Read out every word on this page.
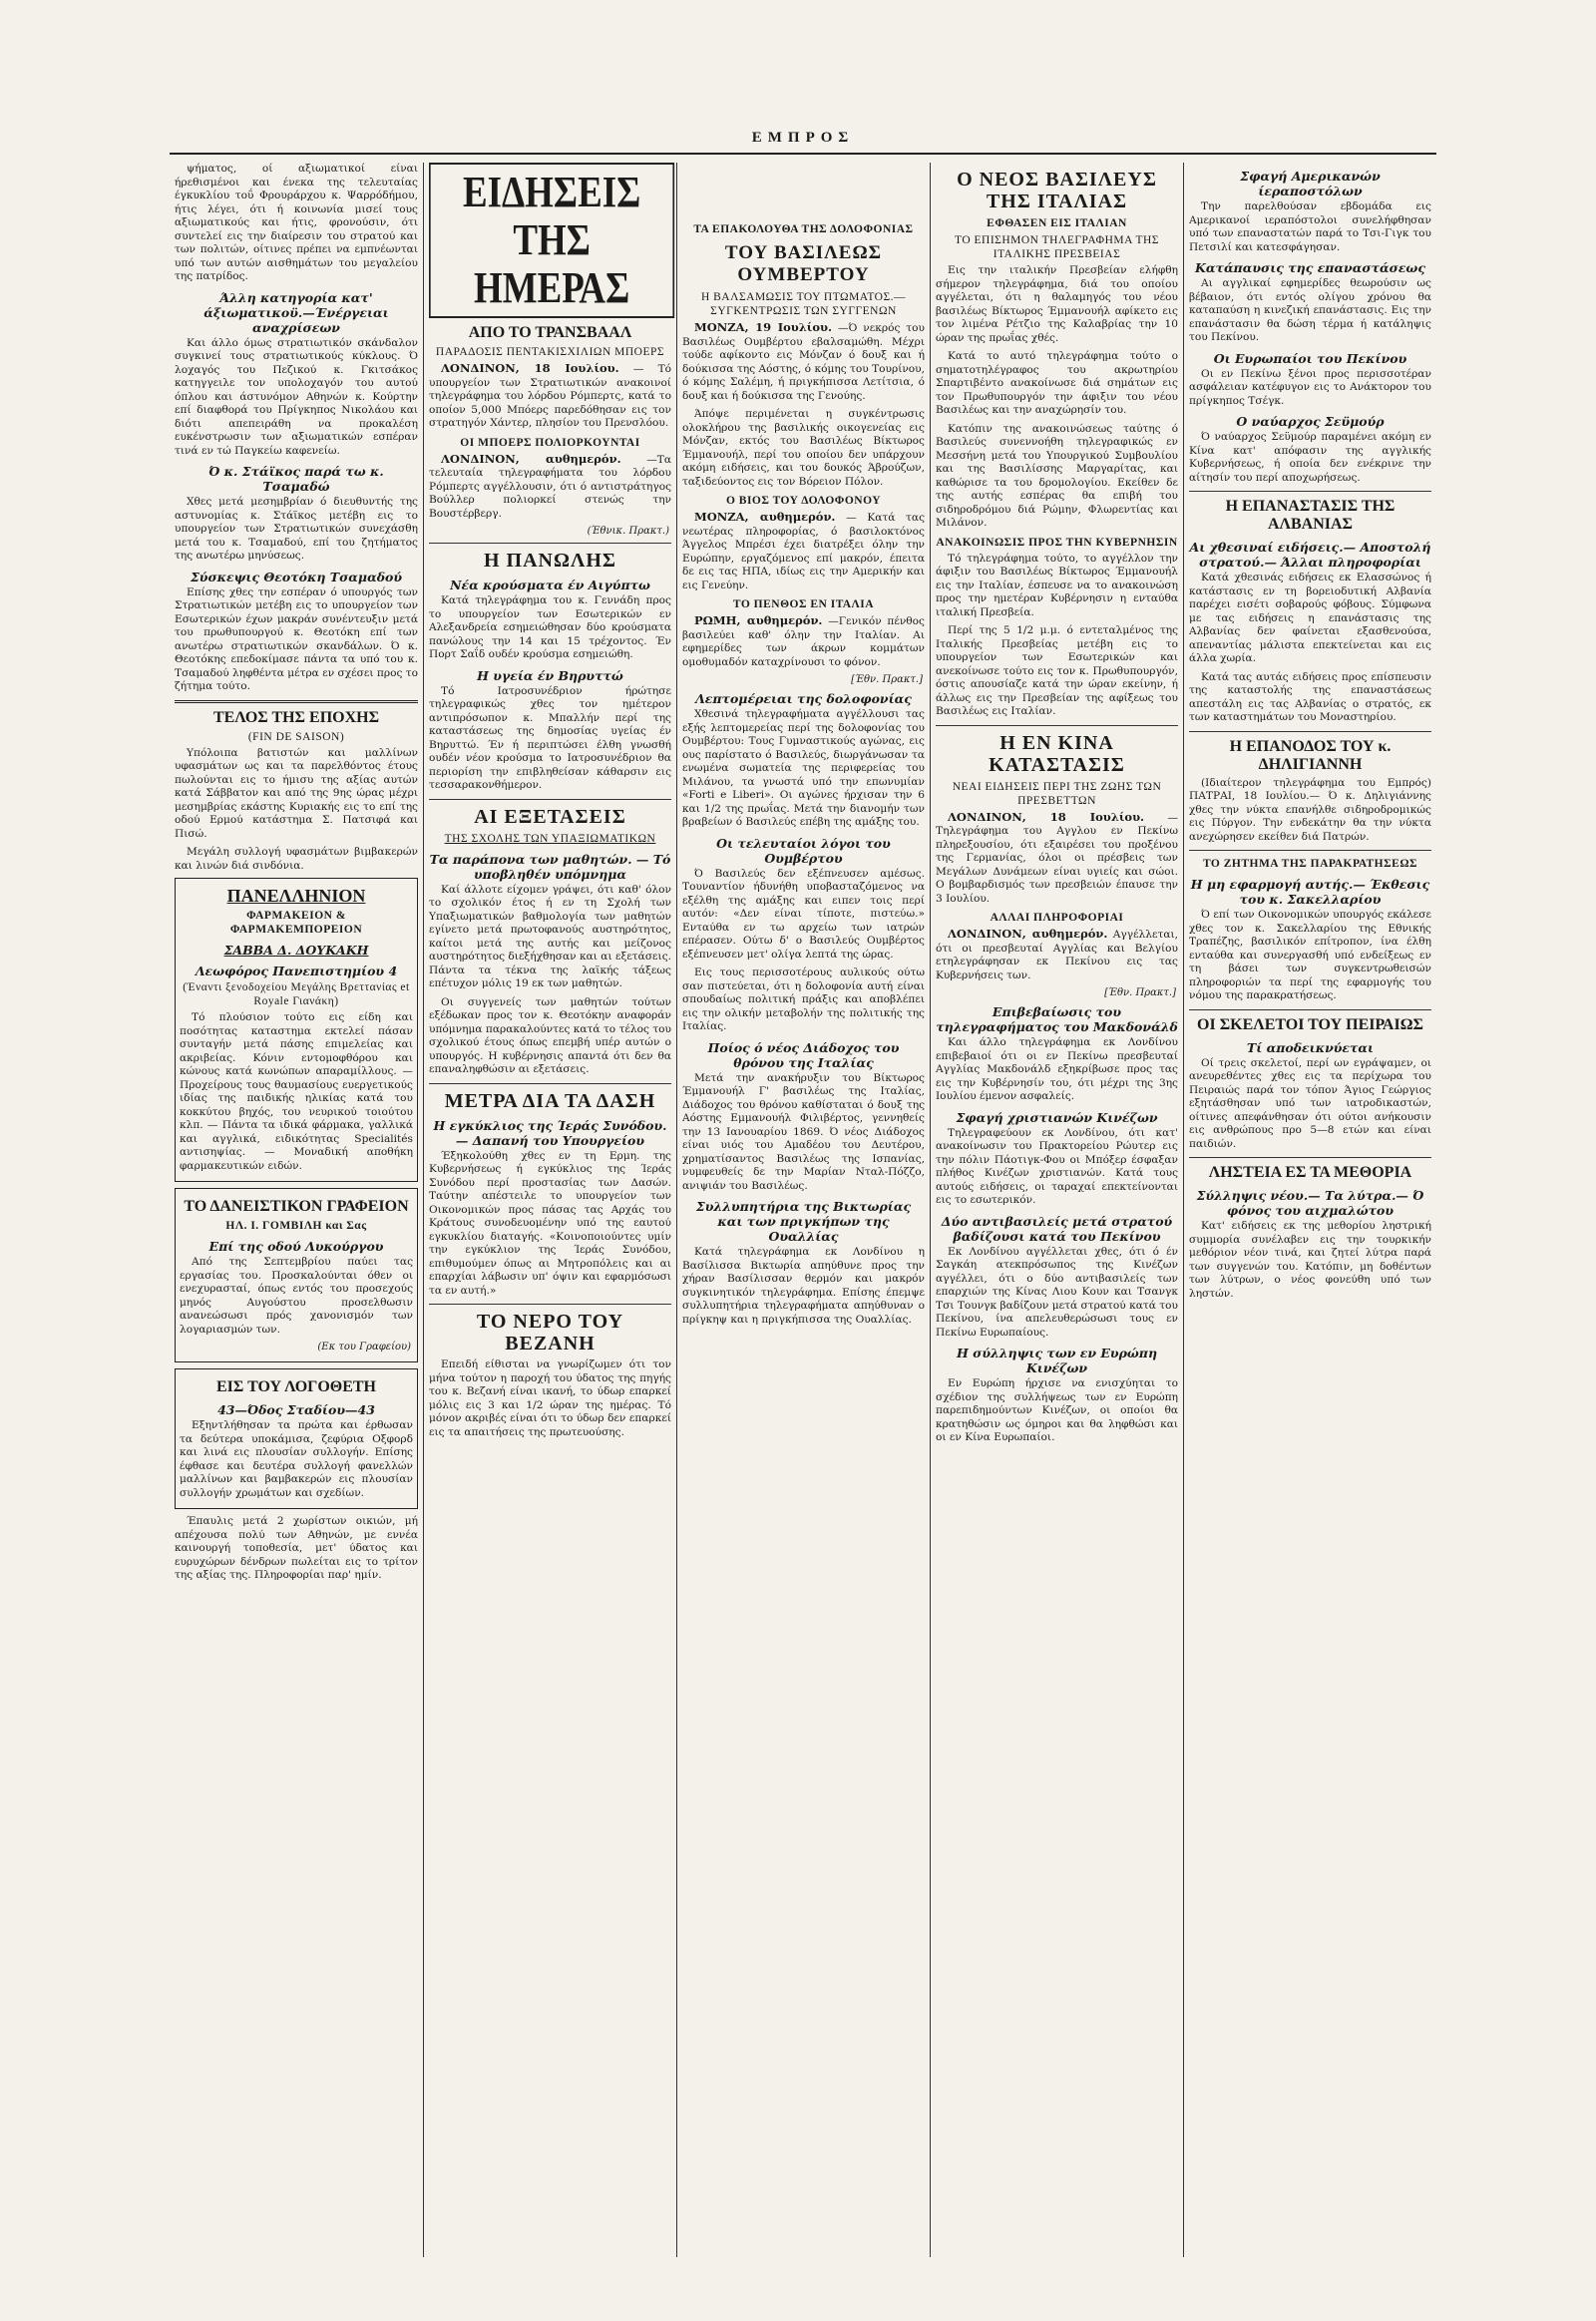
ΕΜΠΡΟΣ

ψήματος, οί αξιωματικοί είναι ήρεθισμένοι και ένεκα της τελευταίας έγκυκλίου τοΰ Φρουράρχου κ. Ψαρρόδήμου, ήτις λέγει, ότι ή κοινωνία μισεί τους αξιωματικούς και ήτις, φρονούσιν, ότι συντελεί εις την διαίρεσιν του στρατού και των πολιτών, οίτινες πρέπει να εμπνέωνται υπό των αυτών αισθημάτων του μεγαλείου της πατρίδος.

Άλλη κατηγορία κατ' άξιωματικοϋ.—Ένέργειαι αναχρίσεων

Και άλλο όμως στρατιωτικόν σκάνδαλον συγκινεί τους στρατιωτικούς κύκλους. Ό λοχαγός του Πεζικού κ. Γκιτσάκος κατηγγειλε τον υπολοχαγόν του αυτού όπλου και άστυνόμον Αθηνών κ. Κούρτην επί διαφθορά του Πρίγκηπος Νικολάου και διότι απεπειράθη να προκαλέση ευκένστρωσιν των αξιωματικών εσπέραν τινά εν τώ Παγκείω καφενείω.

Ό κ. Στάϊκος παρά τω κ. Τσαμαδώ

Χθες μετά μεσημβρίαν ό διευθυντής της αστυνομίας κ. Στάϊκος μετέβη εις το υπουργείον των Στρατιωτικών συνεχάσθη μετά του κ. Τσαμαδού, επί του ζητήματος της ανωτέρω μηνύσεως.

Σύσκεψις Θεοτόκη Τσαμαδού

Επίσης χθες την εσπέραν ό υπουργός των Στρατιωτικών μετέβη εις το υπουργείον των Εσωτερικών έχων μακράν συνέντευξιν μετά του πρωθυπουργού κ. Θεοτόκη επί των ανωτέρω στρατιωτικών σκανδάλων. Ό κ. Θεοτόκης επεδοκίμασε πάντα τα υπό του κ. Τσαμαδού ληφθέντα μέτρα εν σχέσει προς το ζήτημα τούτο.

ΤΕΛΟΣ ΤΗΣ ΕΠΟΧΗΣ
(FIN DE SAISON)

Υπόλοιπα βατιστών και μαλλίνων υφασμάτων ως και τα παρελθόντος έτους πωλούνται εις το ήμισυ της αξίας αυτών κατά Σάββατον και από της 9ης ώρας μέχρι μεσημβρίας εκάστης Κυριακής εις το επί της οδού Ερμού κατάστημα Σ. Πατσιφά και Πισώ.

Μεγάλη συλλογή υφασμάτων βιμβακερών και λινών διά σινδόνια.

ΠΑΝΕΛΛΗΝΙΟΝ
ΦΑΡΜΑΚΕΙΟΝ & ΦΑΡΜΑΚΕΜΠΟΡΕΙΟΝ
ΣΑΒΒΑ Δ. ΔΟΥΚΑΚΗ
Λεωφόρος Πανεπιστημίου 4
(Έναντι ξενοδοχείου Μεγάλης Βρεττανίας et Royale Γιανάκη)

Τό πλούσιον τούτο εις είδη και ποσότητας καταστημα εκτελεί πάσαν συνταγήν μετά πάσης επιμελείας και ακριβείας. Κόνιν εντομοφθόρου και κώνους κατά κωνώπων απαραμίλλους. — Προχείρους τους θαυμασίους ευεργετικούς ιδίας της παιδικής ηλικίας κατά του κοκκύτου βηχός, του νευρικού τοιούτου κλπ. — Πάντα τα ιδικά φάρμακα, γαλλικά και αγγλικά, ειδικότητας Specialités αντισηψίας. — Μοναδική αποθήκη φαρμακευτικών ειδών.

ΤΟ ΔΑΝΕΙΣΤΙΚΟΝ ΓΡΑΦΕΙΟΝ
ΗΛ. Ι. ΓΟΜΒΙΛΗ και Σας
Επί της οδού Λυκούργου

Από της Σεπτεμβρίου παύει τας εργασίας του. Προσκαλούνται όθεν οι ενεχυρασταί, όπως εντός του προσεχούς μηνός Αυγούστου προσελθωσιν ανανεώσωσι πρός χανονισμόν των λογαριασμών των.

(Εκ του Γραφείου)
ΕΙΣ ΤΟΥ ΛΟΓΟΘΕΤΗ
43—Όδος Σταδίου—43

Εξηντλήθησαν τα πρώτα και έρθωσαν τα δεύτερα υποκάμισα, ζεφύρια Οξφορδ και λινά εις πλουσίαν συλλογήν. Επίσης έφθασε και δευτέρα συλλογή φανελλών μαλλίνων και βαμβακερών εις πλουσίαν συλλογήν χρωμάτων και σχεδίων.

Έπαυλις μετά 2 χωρίστων οικιών, μή απέχουσα πολύ των Αθηνών, με εννέα καινουργή τοποθεσία, μετ' ύδατος και ευρυχώρων δένδρων πωλείται εις το τρίτον της αξίας της. Πληροφορίαι παρ' ημίν.

ΕΙΔΗΣΕΙΣ ΤΗΣ ΗΜΕΡΑΣ
ΑΠΟ ΤΟ ΤΡΑΝΣΒΑΑΛ
ΠΑΡΑΔΟΣΙΣ ΠΕΝΤΑΚΙΣΧΙΛΙΩΝ ΜΠΟΕΡΣ

ΛΟΝΔΙΝΟΝ, 18 Ιουλίου. — Τό υπουργείον των Στρατιωτικών ανακοινοί τηλεγράφημα του λόρδου Ρόμπερτς, κατά το οποίον 5,000 Μπόερς παρεδόθησαν εις τον στρατηγόν Χάντερ, πλησίον του Πρενσλόου.

ΟΙ ΜΠΟΕΡΣ ΠΟΛΙΟΡΚΟΥΝΤΑΙ

ΛΟΝΔΙΝΟΝ, αυθημερόν. —Τα τελευταία τηλεγραφήματα του λόρδου Ρόμπερτς αγγέλλουσιν, ότι ό αντιστράτηγος Βούλλερ πολιορκεί στενώς την Βουστέρβεργ.

(Έθνικ. Πρακτ.)
Η ΠΑΝΩΛΗΣ
Νέα κρούσματα έν Αιγύπτω

Κατά τηλεγράφημα του κ. Γεννάδη προς το υπουργείον των Εσωτερικών εν Αλεξανδρεία εσημειώθησαν δύο κρούσματα πανώλους την 14 και 15 τρέχοντος. Έν Πορτ Σαΐδ ουδέν κρούσμα εσημειώθη.

Η υγεία έν Βηρυττώ

Τό Ιατροσυνέδριον ήρώτησε τηλεγραφικώς χθες τον ημέτερον αντιπρόσωπον κ. Μπαλλήν περί της καταστάσεως της δημοσίας υγείας έν Βηρυττώ. Έν ή περιπτώσει έλθη γνωσθή ουδέν νέον κρούσμα το Ιατροσυνέδριον θα περιορίση την επιβληθείσαν κάθαρσιν εις τεσσαρακονθήμερον.

ΑΙ ΕΞΕΤΑΣΕΙΣ
ΤΗΣ ΣΧΟΛΗΣ ΤΩΝ ΥΠΑΞΙΩΜΑΤΙΚΩΝ
Τα παράπονα των μαθητών. — Τό υποβληθέν υπόμνημα

Καί άλλοτε είχομεν γράψει, ότι καθ' όλον το σχολικόν έτος ή εν τη Σχολή των Υπαξιωματικών βαθμολογία των μαθητών εγίνετο μετά πρωτοφανούς αυστηρότητος, καίτοι μετά της αυτής και μείζονος αυστηρότητος διεξήχθησαν και αι εξετάσεις. Πάντα τα τέκνα της λαϊκής τάξεως επέτυχον μόλις 19 εκ των μαθητών.

Οι συγγενείς των μαθητών τούτων εξέδωκαν προς τον κ. Θεοτόκην αναφοράν υπόμνημα παρακαλούντες κατά το τέλος του σχολικού έτους όπως επεμβή υπέρ αυτών ο υπουργός. Η κυβέρνησις απαντά ότι δεν θα επαναληφθώσιν αι εξετάσεις.

ΜΕΤΡΑ ΔΙΑ ΤΑ ΔΑΣΗ
Η εγκύκλιος της Ίεράς Συνόδου. — Δαπανή του Υπουργείου

Έξηκολούθη χθες εν τη Ερμη. της Κυβερνήσεως ή εγκύκλιος της Ίεράς Συνόδου περί προστασίας των Δασών. Ταύτην απέστειλε το υπουργείον των Οικονομικών προς πάσας τας Αρχάς του Κράτους συνοδευομένην υπό της εαυτού εγκυκλίου διαταγής. «Κοινοποιούντες υμίν την εγκύκλιον της Ίεράς Συνόδου, επιθυμούμεν όπως αι Μητροπόλεις και αι επαρχίαι λάβωσιν υπ' όψιν και εφαρμόσωσι τα εν αυτή.»

ΤΟ ΝΕΡΟ ΤΟΥ ΒΕΖΑΝΗ

Επειδή είθισται να γνωρίζωμεν ότι τον μήνα τούτον η παροχή του ύδατος της πηγής του κ. Βεζανή είναι ικανή, το ύδωρ επαρκεί μόλις εις 3 και 1/2 ώραν της ημέρας. Τό μόνον ακριβές είναι ότι το ύδωρ δεν επαρκεί εις τα απαιτήσεις της πρωτευούσης.

ΤΑ ΕΠΑΚΟΛΟΥΘΑ ΤΗΣ ΔΟΛΟΦΟΝΙΑΣ
ΤΟΥ ΒΑΣΙΛΕΩΣ ΟΥΜΒΕΡΤΟΥ
Η ΒΑΛΣΑΜΩΣΙΣ ΤΟΥ ΠΤΩΜΑΤΟΣ.— ΣΥΓΚΕΝΤΡΩΣΙΣ ΤΩΝ ΣΥΓΓΕΝΩΝ

ΜΟΝΖΑ, 19 Ιουλίου. —Ό νεκρός του Βασιλέως Ουμβέρτου εβαλσαμώθη. Μέχρι τούδε αφίκοντο εις Μόνζαν ό δουξ και ή δούκισσα της Αόστης, ό κόμης του Τουρίνου, ό κόμης Σαλέμη, ή πριγκήπισσα Λετίτσια, ό δουξ και ή δούκισσα της Γενούης.

Άπόψε περιμένεται η συγκέντρωσις ολοκλήρου της βασιλικής οικογενείας εις Μόνζαν, εκτός του Βασιλέως Βίκτωρος Έμμανουήλ, περί του οποίου δεν υπάρχουν ακόμη ειδήσεις, και του δουκός Άβρούζων, ταξιδεύοντος εις τον Βόρειον Πόλον.

Ο ΒΙΟΣ ΤΟΥ ΔΟΛΟΦΟΝΟΥ

ΜΟΝΖΑ, αυθημερόν. — Κατά τας νεωτέρας πληροφορίας, ό βασιλοκτόνος Άγγελος Μπρέσι έχει διατρέξει όλην την Ευρώπην, εργαζόμενος επί μακρόν, έπειτα δε εις τας ΗΠΑ, ιδίως εις την Αμερικήν και εις Γενεύην.

ΤΟ ΠΕΝΘΟΣ ΕΝ ΙΤΑΛΙΑ

ΡΩΜΗ, αυθημερόν. —Γενικόν πένθος βασιλεύει καθ' όλην την Ιταλίαν. Αι εφημερίδες των άκρων κομμάτων ομοθυμαδόν καταχρίνουσι το φόνον.

[Έθν. Πρακτ.]
Λεπτομέρειαι της δολοφονίας

Χθεσινά τηλεγραφήματα αγγέλλουσι τας εξής λεπτομερείας περί της δολοφονίας του Ουμβέρτου: Τους Γυμναστικούς αγώνας, εις ους παρίστατο ό Βασιλεύς, διωργάνωσαν τα ενωμένα σωματεία της περιφερείας του Μιλάνου, τα γνωστά υπό την επωνυμίαν «Forti e Liberi». Οι αγώνες ήρχισαν την 6 και 1/2 της πρωΐας. Μετά την διανομήν των βραβείων ό Βασιλεύς επέβη της αμάξης του.

Οι τελευταίοι λόγοι του Ουμβέρτου

Ό Βασιλεύς δεν εξέπνευσεν αμέσως. Τουναντίον ήδυνήθη υποβασταζόμενος να εξέλθη της αμάξης και ειπεν τοις περί αυτόν: «Δεν είναι τίποτε, πιστεύω.» Ενταύθα εν τω αρχείω των ιατρών επέρασεν. Ούτω δ' ο Βασιλεύς Ουμβέρτος εξέπνευσεν μετ' ολίγα λεπτά της ώρας.

Εις τους περισσοτέρους αυλικούς ούτω σαν πιστεύεται, ότι η δολοφονία αυτή είναι σπουδαίως πολιτική πράξις και αποβλέπει εις την ολικήν μεταβολήν της πολιτικής της Ιταλίας.

Ποίος ό νέος Διάδοχος του θρόνου της Ιταλίας

Μετά την ανακήρυξιν του Βίκτωρος Έμμανουήλ Γ' βασιλέως της Ιταλίας, Διάδοχος του θρόνου καθίσταται ό δουξ της Αόστης Εμμανουήλ Φιλιβέρτος, γεννηθείς την 13 Ιανουαρίου 1869. Ό νέος Διάδοχος είναι υιός του Αμαδέου του Δευτέρου, χρηματίσαντος Βασιλέως της Ισπανίας, νυμφευθείς δε την Μαρίαν Νταλ-Πόζζο, ανιψιάν του Βασιλέως.

Συλλυπητήρια της Βικτωρίας και των πριγκήπων της Ουαλλίας

Κατά τηλεγράφημα εκ Λονδίνου η Βασίλισσα Βικτωρία απηύθυνε προς την χήραν Βασίλισσαν θερμόν και μακρόν συγκινητικόν τηλεγράφημα. Επίσης έπεμψε συλλυπητήρια τηλεγραφήματα απηύθυναν ο πρίγκηψ και η πριγκήπισσα της Ουαλλίας.

Ο ΝΕΟΣ ΒΑΣΙΛΕΥΣ ΤΗΣ ΙΤΑΛΙΑΣ
ΕΦΘΑΣΕΝ ΕΙΣ ΙΤΑΛΙΑΝ
ΤΟ ΕΠΙΣΗΜΟΝ ΤΗΛΕΓΡΑΦΗΜΑ ΤΗΣ ΙΤΑΛΙΚΗΣ ΠΡΕΣΒΕΙΑΣ

Εις την ιταλικήν Πρεσβείαν ελήφθη σήμερον τηλεγράφημα, διά του οποίου αγγέλεται, ότι η θαλαμηγός του νέου βασιλέως Βίκτωρος Έμμανουήλ αφίκετο εις τον λιμένα Ρέτζιο της Καλαβρίας την 10 ώραν της πρωΐας χθές.

Κατά το αυτό τηλεγράφημα τούτο ο σηματοτηλέγραφος του ακρωτηρίου Σπαρτιβέντο ανακοίνωσε διά σημάτων εις τον Πρωθυπουργόν την άφιξιν του νέου Βασιλέως και την αναχώρησίν του.

Κατόπιν της ανακοινώσεως ταύτης ό Βασιλεύς συνεννοήθη τηλεγραφικώς εν Μεσσήνη μετά του Υπουργικού Συμβουλίου και της Βασιλίσσης Μαργαρίτας, και καθώρισε τα του δρομολογίου. Εκείθεν δε της αυτής εσπέρας θα επιβή του σιδηροδρόμου διά Ρώμην, Φλωρεντίας και Μιλάνον.

ΑΝΑΚΟΙΝΩΣΙΣ ΠΡΟΣ ΤΗΝ ΚΥΒΕΡΝΗΣΙΝ

Τό τηλεγράφημα τούτο, το αγγέλλον την άφιξιν του Βασιλέως Βίκτωρος Έμμανουήλ εις την Ιταλίαν, έσπευσε να το ανακοινώση προς την ημετέραν Κυβέρνησιν η ενταύθα ιταλική Πρεσβεία.

Περί της 5 1/2 μ.μ. ό εντεταλμένος της Ιταλικής Πρεσβείας μετέβη εις το υπουργείον των Εσωτερικών και ανεκοίνωσε τούτο εις τον κ. Πρωθυπουργόν, όστις απουσίαζε κατά την ώραν εκείνην, ή άλλως εις την Πρεσβείαν της αφίξεως του Βασιλέως εις Ιταλίαν.

Η ΕΝ ΚΙΝΑ ΚΑΤΑΣΤΑΣΙΣ
ΝΕΑΙ ΕΙΔΗΣΕΙΣ ΠΕΡΙ ΤΗΣ ΖΩΗΣ ΤΩΝ ΠΡΕΣΒΕΤΤΩΝ

ΛΟΝΔΙΝΟΝ, 18 Ιουλίου. — Τηλεγράφημα του Αγγλου εν Πεκίνω πληρεξουσίου, ότι εξαιρέσει του προξένου της Γερμανίας, όλοι οι πρέσβεις των Μεγάλων Δυνάμεων είναι υγιείς και σώοι. Ο βομβαρδισμός των πρεσβειών έπαυσε την 3 Ιουλίου.

ΑΛΛΑΙ ΠΛΗΡΟΦΟΡΙΑΙ

ΛΟΝΔΙΝΟΝ, αυθημερόν. Αγγέλλεται, ότι οι πρεσβευταί Αγγλίας και Βελγίου ετηλεγράφησαν εκ Πεκίνου εις τας Κυβερνήσεις των.

[Έθν. Πρακτ.]
Επιβεβαίωσις του τηλεγραφήματος του Μακδονάλδ

Και άλλο τηλεγράφημα εκ Λονδίνου επιβεβαιοί ότι οι εν Πεκίνω πρεσβευταί Αγγλίας Μακδονάλδ εξηκρίβωσε προς τας εις την Κυβέρνησίν του, ότι μέχρι της 3ης Ιουλίου έμενον ασφαλείς.

Σφαγή χριστιανών Κινέζων

Τηλεγραφεύουν εκ Λονδίνου, ότι κατ' ανακοίνωσιν του Πρακτορείου Ρώυτερ εις την πόλιν Πάοτιγκ-Φου οι Μπόξερ έσφαξαν πλήθος Κινέζων χριστιανών. Κατά τους αυτούς ειδήσεις, οι ταραχαί επεκτείνονται εις το εσωτερικόν.

Δύο αντιβασιλείς μετά στρατού βαδίζουσι κατά του Πεκίνου

Εκ Λονδίνου αγγέλλεται χθες, ότι ό έν Σαγκάη ατεκπρόσωπος της Κινέζων αγγέλλει, ότι ο δύο αντιβασιλείς των επαρχιών της Κίνας Λιου Κουν και Τσανγκ Τσι Τουνγκ βαδίζουν μετά στρατού κατά του Πεκίνου, ίνα απελευθερώσωσι τους εν Πεκίνω Ευρωπαίους.

Η σύλληψις των εν Ευρώπη Κινέζων

Εν Ευρώπη ήρχισε να ενισχύηται το σχέδιον της συλλήψεως των εν Ευρώπη παρεπιδημούντων Κινέζων, οι οποίοι θα κρατηθώσιν ως όμηροι και θα ληφθώσι και οι εν Κίνα Ευρωπαίοι.

Σφαγή Αμερικανών ίεραποστόλων

Την παρελθούσαν εβδομάδα εις Αμερικανοί ιεραπόστολοι συνελήφθησαν υπό των επαναστατών παρά το Τσι-Γιγκ του Πετσιλί και κατεσφάγησαν.

Κατάπαυσις της επαναστάσεως

Αι αγγλικαί εφημερίδες θεωρούσιν ως βέβαιον, ότι εντός ολίγου χρόνου θα καταπαύση η κινεζική επανάστασις. Εις την επανάστασιν θα δώση τέρμα ή κατάληψις του Πεκίνου.

Οι Ευρωπαίοι του Πεκίνου

Οι εν Πεκίνω ξένοι προς περισσοτέραν ασφάλειαν κατέφυγον εις το Ανάκτορον του πρίγκηπος Τσέγκ.

Ο ναύαρχος Σεϋμούρ

Ό ναύαρχος Σεϋμούρ παραμένει ακόμη εν Κίνα κατ' απόφασιν της αγγλικής Κυβερνήσεως, ή οποία δεν ενέκρινε την αίτησίν του περί αποχωρήσεως.

Η ΕΠΑΝΑΣΤΑΣΙΣ ΤΗΣ ΑΛΒΑΝΙΑΣ
Αι χθεσιναί ειδήσεις.— Αποστολή στρατού.— Άλλαι πληροφορίαι

Κατά χθεσινάς ειδήσεις εκ Ελασσώνος ή κατάστασις εν τη βορειοδυτική Αλβανία παρέχει εισέτι σοβαρούς φόβους. Σύμφωνα με τας ειδήσεις η επανάστασις της Αλβανίας δεν φαίνεται εξασθενούσα, απεναντίας μάλιστα επεκτείνεται και εις άλλα χωρία.

Κατά τας αυτάς ειδήσεις προς επίσπευσιν της καταστολής της επαναστάσεως απεστάλη εις τας Αλβανίας ο στρατός, εκ των καταστημάτων του Μοναστηρίου.

Η ΕΠΑΝΟΔΟΣ ΤΟΥ κ. ΔΗΛΙΓΙΑΝΝΗ

(Ιδιαίτερον τηλεγράφημα του Εμπρός) ΠΑΤΡΑΙ, 18 Ιουλίου.— Ό κ. Δηλιγιάννης χθες την νύκτα επανήλθε σιδηροδρομικώς εις Πύργον. Την ενδεκάτην θα την νύκτα ανεχώρησεν εκείθεν διά Πατρών.

ΤΟ ΖΗΤΗΜΑ ΤΗΣ ΠΑΡΑΚΡΑΤΗΣΕΩΣ
Η μη εφαρμογή αυτής.— Έκθεσις του κ. Σακελλαρίου

Ό επί των Οικονομικών υπουργός εκάλεσε χθες τον κ. Σακελλαρίου της Εθνικής Τραπέζης, βασιλικόν επίτροπον, ίνα έλθη ενταύθα και συνεργασθή υπό ενδείξεως εν τη βάσει των συγκεντρωθεισών πληροφοριών τα περί της εφαρμογής του νόμου της παρακρατήσεως.

ΟΙ ΣΚΕΛΕΤΟΙ ΤΟΥ ΠΕΙΡΑΙΩΣ
Τί αποδεικνύεται

Οί τρεις σκελετοί, περί ων εγράψαμεν, οι ανευρεθέντες χθες εις τα περίχωρα του Πειραιώς παρά τον τόπον Άγιος Γεώργιος εξητάσθησαν υπό των ιατροδικαστών, οίτινες απεφάνθησαν ότι ούτοι ανήκουσιν εις ανθρώπους προ 5—8 ετών και είναι παιδιών.

ΛΗΣΤΕΙΑ ΕΣ ΤΑ ΜΕΘΟΡΙΑ
Σύλληψις νέου.— Τα λύτρα.— Ό φόνος του αιχμαλώτου

Κατ' ειδήσεις εκ της μεθορίου ληστρική συμμορία συνέλαβεν εις την τουρκικήν μεθόριον νέον τινά, και ζητεί λύτρα παρά των συγγενών του. Κατόπιν, μη δοθέντων των λύτρων, ο νέος φονεύθη υπό των ληστών.
